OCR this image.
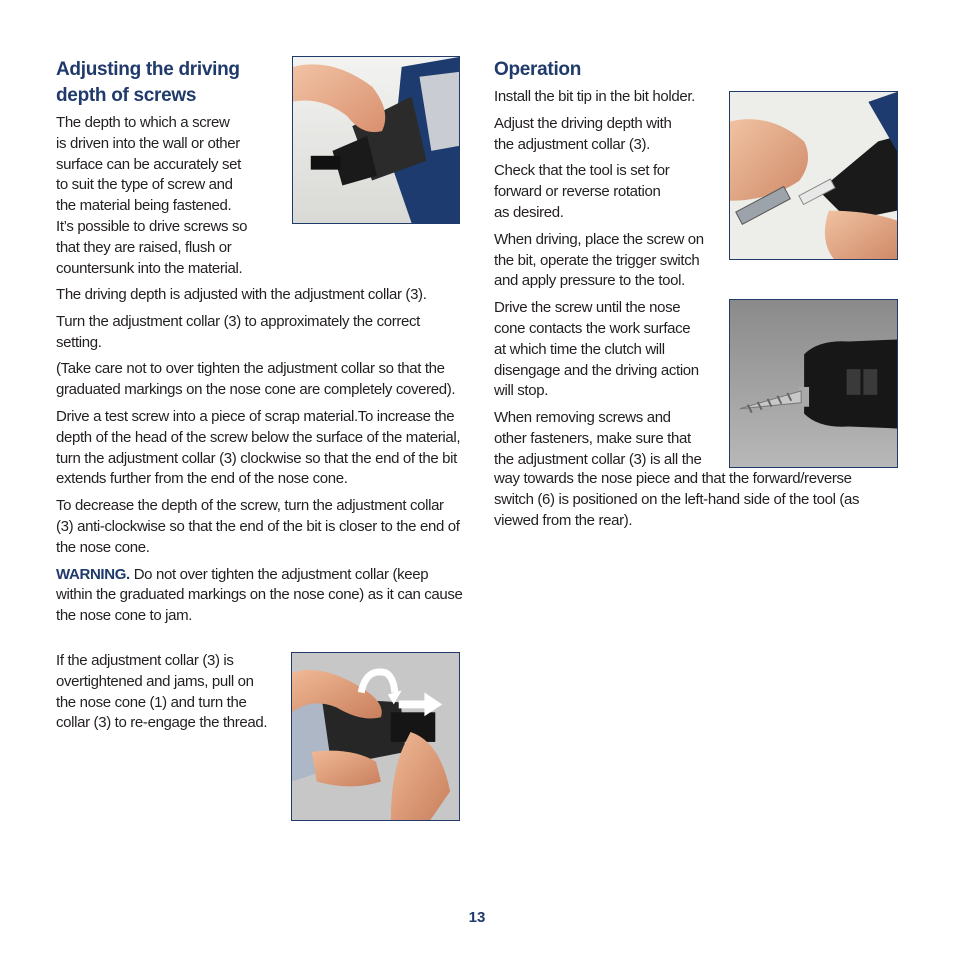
Adjusting the driving

depth of screws

The depth to which a screw
is driven into the wall or other
surface can be accurately set
to suit the type of screw and
the material being fastened.
It’s possible to drive screws so
that they are raised, flush or
countersunk into the material.

The driving depth is adjusted with the adjustment collar (3).

Turn the adjustment collar (3) to approximately the correct setting.

(Take care not to over tighten the adjustment collar so that the graduated markings on the nose cone are completely covered).

Drive a test screw into a piece of scrap material.To increase the depth of the head of the screw below the surface of the material, turn the adjustment collar (3) clockwise so that the end of the bit extends further from the end of the nose cone.

To decrease the depth of the screw, turn the adjustment collar (3) anti-clockwise so that the end of the bit is closer to the end of the nose cone.

WARNING. Do not over tighten the adjustment collar (keep within the graduated markings on the nose cone) as it can cause the nose cone to jam.

If the adjustment collar (3) is
overtightened and jams, pull on
the nose cone (1) and turn the
collar (3) to re-engage the thread.

Operation

Install the bit tip in the bit holder.

Adjust the driving depth with
the adjustment collar (3).
Check that the tool is set for
forward or reverse rotation
as desired.
When driving, place the screw on
the bit, operate the trigger switch
and apply pressure to the tool.
Drive the screw until the nose
cone contacts the work surface
at which time the clutch will
disengage and the driving action
will stop.
When removing screws and
other fasteners, make sure that
the adjustment collar (3) is all the

way towards the nose piece and that the forward/reverse switch (6) is positioned on the left-hand side of the tool (as viewed from the rear).

13
